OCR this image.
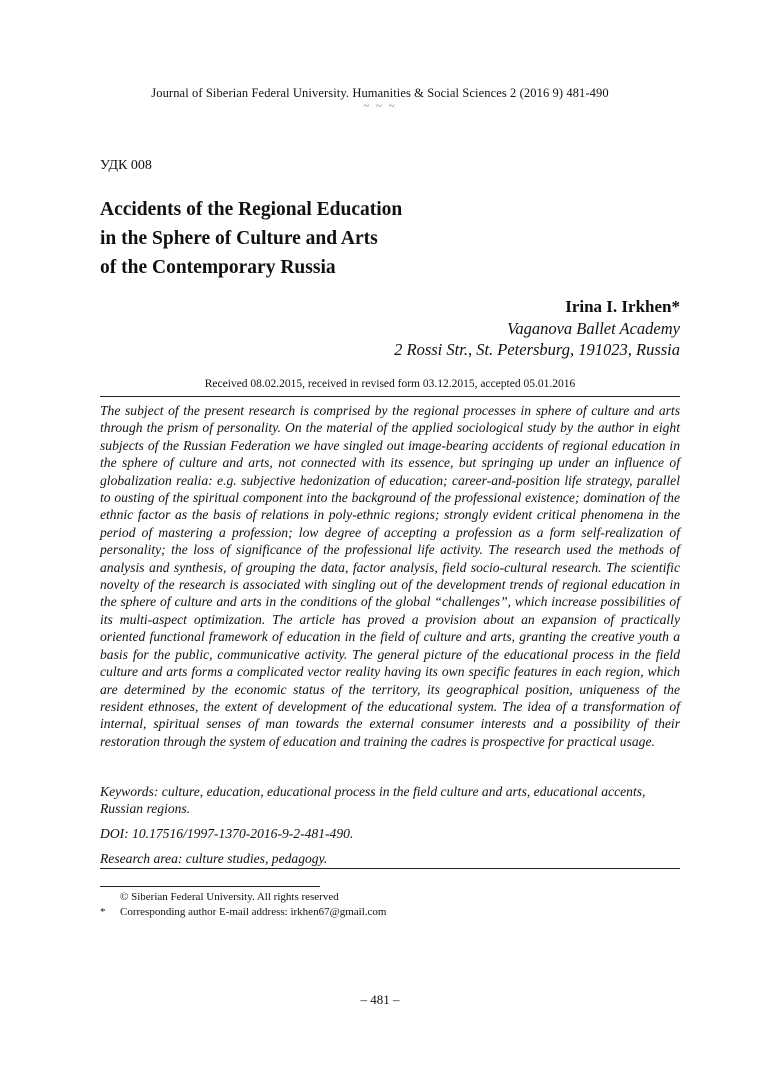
Journal of Siberian Federal University. Humanities & Social Sciences 2 (2016 9) 481-490
~ ~ ~
УДК 008
Accidents of the Regional Education
in the Sphere of Culture and Arts
of the Contemporary Russia
Irina I. Irkhen*
Vaganova Ballet Academy
2 Rossi Str., St. Petersburg, 191023, Russia
Received 08.02.2015, received in revised form 03.12.2015, accepted 05.01.2016

The subject of the present research is comprised by the regional processes in sphere of culture and arts through the prism of personality. On the material of the applied sociological study by the author in eight subjects of the Russian Federation we have singled out image-bearing accidents of regional education in the sphere of culture and arts, not connected with its essence, but springing up under an influence of globalization realia: e.g. subjective hedonization of education; career-and-position life strategy, parallel to ousting of the spiritual component into the background of the professional existence; domination of the ethnic factor as the basis of relations in poly-ethnic regions; strongly evident critical phenomena in the period of mastering a profession; low degree of accepting a profession as a form self-realization of personality; the loss of significance of the professional life activity. The research used the methods of analysis and synthesis, of grouping the data, factor analysis, field socio-cultural research. The scientific novelty of the research is associated with singling out of the development trends of regional education in the sphere of culture and arts in the conditions of the global “challenges”, which increase possibilities of its multi-aspect optimization. The article has proved a provision about an expansion of practically oriented functional framework of education in the field of culture and arts, granting the creative youth a basis for the public, communicative activity. The general picture of the educational process in the field culture and arts forms a complicated vector reality having its own specific features in each region, which are determined by the economic status of the territory, its geographical position, uniqueness of the resident ethnoses, the extent of development of the educational system. The idea of a transformation of internal, spiritual senses of man towards the external consumer interests and a possibility of their restoration through the system of education and training the cadres is prospective for practical usage.

Keywords: culture, education, educational process in the field culture and arts, educational accents, Russian regions.

DOI: 10.17516/1997-1370-2016-9-2-481-490.

Research area: culture studies, pedagogy.

© Siberian Federal University. All rights reserved
* Corresponding author E-mail address: irkhen67@gmail.com
– 481 –
